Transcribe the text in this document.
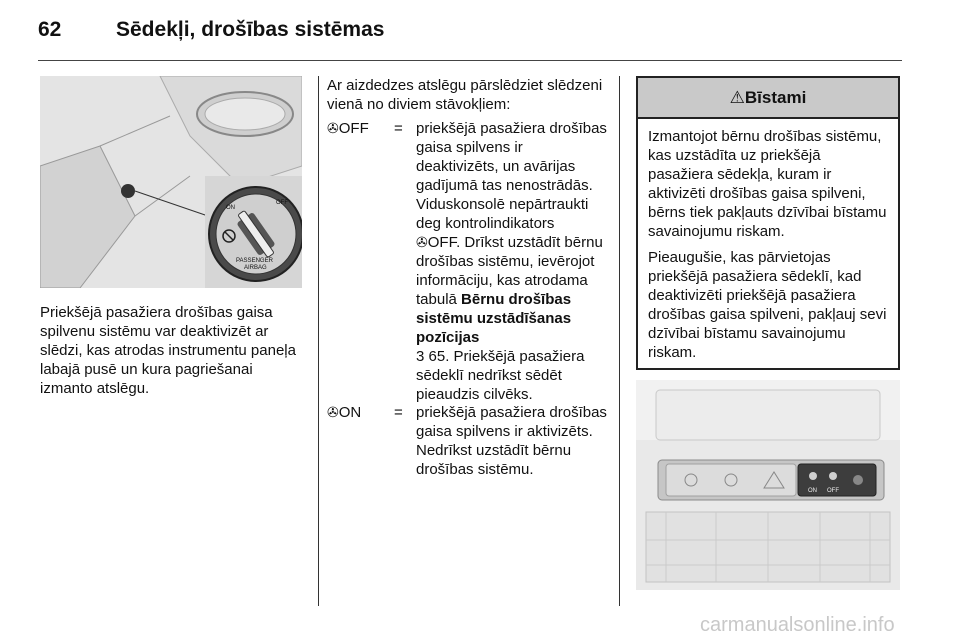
62	Sēdekļi, drošības sistēmas
ON
OFF
PASSENGER
AIRBAG
Priekšējā pasažiera drošības gaisa spilvenu sistēmu var deaktivizēt ar slēdzi, kas atrodas instrumentu paneļa labajā pusē un kura pagriešanai izmanto atslēgu.
Ar aizdedzes atslēgu pārslēdziet slēdzeni vienā no diviem stāvokļiem:
✇OFF = priekšējā pasažiera drošības gaisa spilvens ir deaktivizēts, un avārijas gadījumā tas nenostrādās. Viduskonsolē nepārtraukti deg kontrolindikators
✇OFF. Drīkst uzstādīt bērnu drošības sistēmu, ievērojot informāciju, kas atrodama tabulā Bērnu drošības sistēmu uzstādīšanas pozīcijas
3 65. Priekšējā pasažiera sēdeklī nedrīkst sēdēt pieaudzis cilvēks.
✇ON = priekšējā pasažiera drošības gaisa spilvens ir aktivizēts. Nedrīkst uzstādīt bērnu drošības sistēmu.
⚠Bīstami

Izmantojot bērnu drošības sistēmu, kas uzstādīta uz priekšējā pasažiera sēdekļa, kuram ir aktivizēti drošības gaisa spilveni, bērns tiek pakļauts dzīvībai bīstamu savainojumu riskam.

Pieaugušie, kas pārvietojas priekšējā pasažiera sēdeklī, kad deaktivizēti priekšējā pasažiera drošības gaisa spilveni, pakļauj sevi dzīvībai bīstamu savainojumu riskam.

ON OFF
carmanualsonline.info
